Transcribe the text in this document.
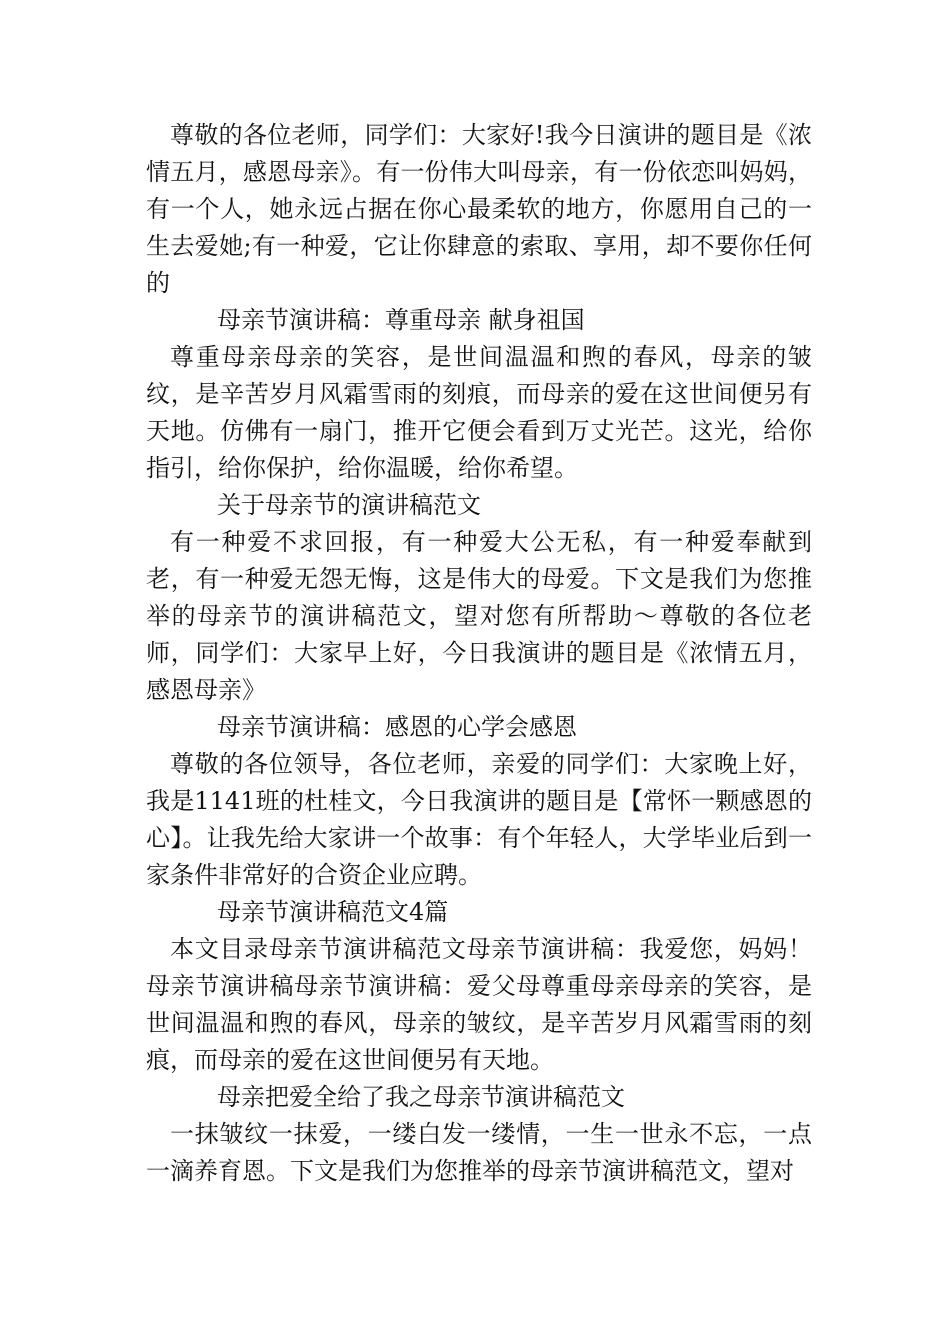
尊敬的各位老师，同学们：大家好!我今日演讲的题目是《浓情五月，感恩母亲》。有一份伟大叫母亲，有一份依恋叫妈妈，有一个人，她永远占据在你心最柔软的地方，你愿用自己的一生去爱她;有一种爱，它让你肆意的索取、享用，却不要你任何的

母亲节演讲稿：尊重母亲 献身祖国

尊重母亲母亲的笑容，是世间温温和煦的春风，母亲的皱纹，是辛苦岁月风霜雪雨的刻痕，而母亲的爱在这世间便另有天地。仿佛有一扇门，推开它便会看到万丈光芒。这光，给你指引，给你保护，给你温暖，给你希望。

关于母亲节的演讲稿范文

有一种爱不求回报，有一种爱大公无私，有一种爱奉献到老，有一种爱无怨无悔，这是伟大的母爱。下文是我们为您推举的母亲节的演讲稿范文，望对您有所帮助～尊敬的各位老师，同学们：大家早上好，今日我演讲的题目是《浓情五月，感恩母亲》

母亲节演讲稿：感恩的心学会感恩

尊敬的各位领导，各位老师，亲爱的同学们：大家晚上好，我是1141班的杜桂文，今日我演讲的题目是【常怀一颗感恩的心】。让我先给大家讲一个故事：有个年轻人，大学毕业后到一家条件非常好的合资企业应聘。

母亲节演讲稿范文4篇

本文目录母亲节演讲稿范文母亲节演讲稿：我爱您，妈妈！母亲节演讲稿母亲节演讲稿：爱父母尊重母亲母亲的笑容，是世间温温和煦的春风，母亲的皱纹，是辛苦岁月风霜雪雨的刻痕，而母亲的爱在这世间便另有天地。

母亲把爱全给了我之母亲节演讲稿范文

一抹皱纹一抹爱，一缕白发一缕情，一生一世永不忘，一点一滴养育恩。下文是我们为您推举的母亲节演讲稿范文，望对
